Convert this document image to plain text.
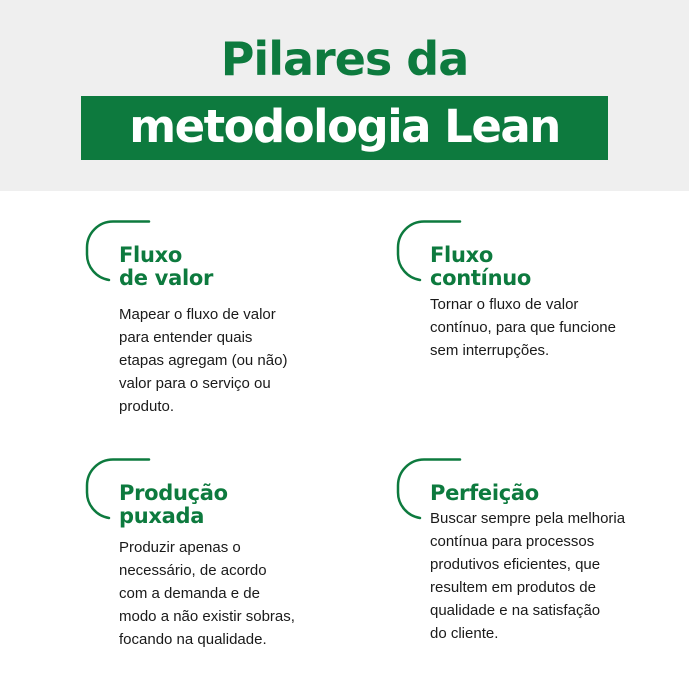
Pilares da
metodologia Lean
Fluxo
de valor
Mapear o fluxo de valor
para entender quais
etapas agregam (ou não)
valor para o serviço ou
produto.
Fluxo
contínuo
Tornar o fluxo de valor
contínuo, para que funcione
sem interrupções.
Produção
puxada
Produzir apenas o
necessário, de acordo
com a demanda e de
modo a não existir sobras,
focando na qualidade.
Perfeição
Buscar sempre pela melhoria
contínua para processos
produtivos eficientes, que
resultem em produtos de
qualidade e na satisfação
do cliente.
